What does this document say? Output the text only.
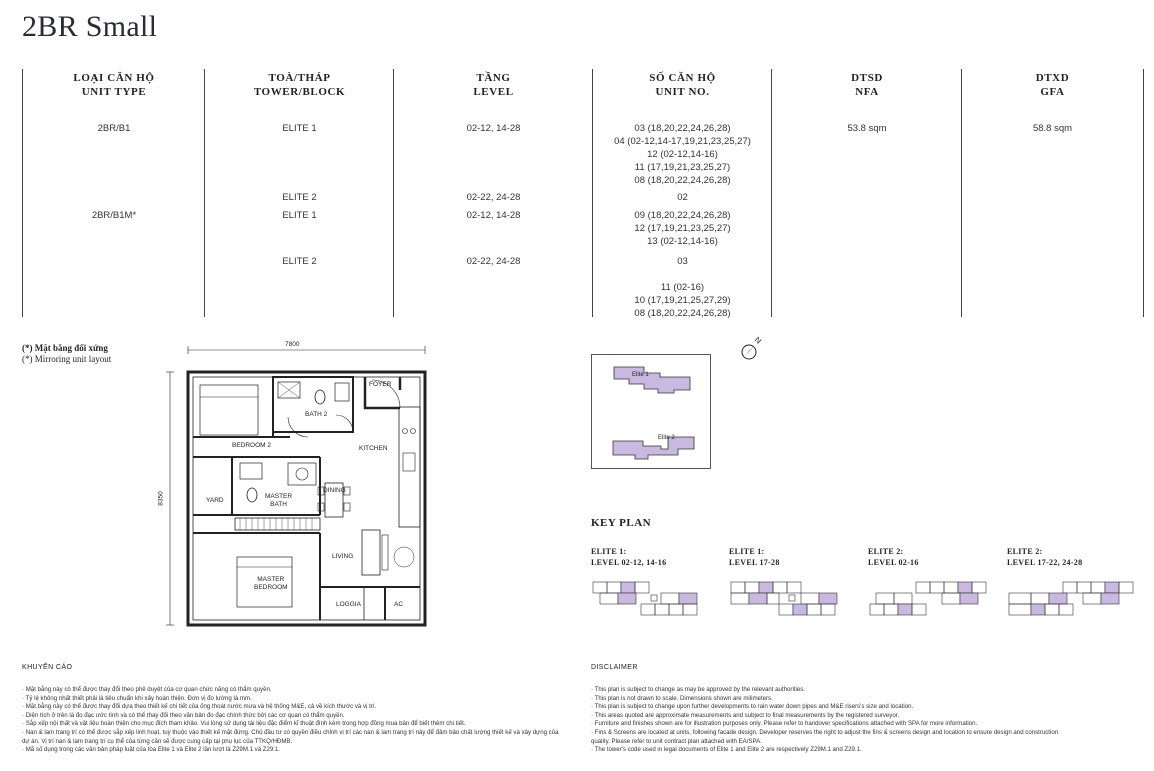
2BR Small
LOẠI CĂN HỘ
UNIT TYPE
2BR/B1
2BR/B1M*
TOÀ/THÁP
TOWER/BLOCK
ELITE 1
ELITE 2
ELITE 1
ELITE 2
TẦNG
LEVEL
02-12, 14-28
02-22, 24-28
02-12, 14-28
02-22, 24-28
SỐ CĂN HỘ
UNIT NO.
03 (18,20,22,24,26,28)
04 (02-12,14-17,19,21,23,25,27)
12 (02-12,14-16)
11 (17,19,21,23,25,27)
08 (18,20,22,24,26,28)
02
09 (18,20,22,24,26,28)
12 (17,19,21,23,25,27)
13 (02-12,14-16)
03
11 (02-16)
10 (17,19,21,25,27,29)
08 (18,20,22,24,26,28)
DTSD
NFA
53.8 sqm
DTXD
GFA
58.8 sqm
(*) Mặt bằng đối xứng
(*) Mirroring unit layout
7800
8350
FOYER
BATH 2
BEDROOM 2	KITCHEN
DINING
YARD
MASTER
BATH
LIVING
MASTER
BEDROOM
LOGGIA	AC
N
Elite 1
Elite 2
KEY PLAN
ELITE 1:
LEVEL 02-12, 14-16
ELITE 1:
LEVEL 17-28
ELITE 2:
LEVEL 02-16
ELITE 2:
LEVEL 17-22, 24-28
KHUYẾN CÁO
· Mặt bằng này có thể được thay đổi theo phê duyệt của cơ quan chức năng có thẩm quyền.
· Tỷ lệ không nhất thiết phải là tiêu chuẩn khi xây hoàn thiện. Đơn vị đo lường là mm.
· Mặt bằng này có thể được thay đổi dựa theo thiết kế chi tiết của ống thoát nước mưa và hệ thống M&E, cả về kích thước và vị trí.
· Diện tích ở trên là đo đạc ước tính và có thể thay đổi theo văn bản đo đạc chính thức bởi các cơ quan có thẩm quyền.
· Sắp xếp nội thất và vật liệu hoàn thiện cho mục đích tham khảo. Vui lòng sử dụng tài liệu đặc điểm kĩ thuật đính kèm trong hợp đồng mua bán để biết thêm chi tiết.
· Nan & lam trang trí có thể được sắp xếp linh hoạt, tuỳ thuộc vào thiết kế mặt đứng. Chủ đầu tư có quyền điều chỉnh vị trí các nan & lam trang trí này để đảm bảo chất lượng thiết kế và xây dựng của dự án. Vị trí nan & lam trang trí cụ thể của từng căn sẽ được cung cấp tại phụ lục của TTKQ/HĐMB.
· Mã số dụng trong các văn bản pháp luật của tòa Elite 1 và Elite 2 lần lượt là Z29M.1 và Z29.1.
DISCLAIMER
· This plan is subject to change as may be approved by the relevant authorities.
· This plan is not drawn to scale. Dimensions shown are milimeters.
· This plan is subject to change upon further developments to rain water down pipes and M&E risers's size and location.
· This areas quoted are approximate measurements and subject to final measurements by the registered surveyor.
· Furniture and finishes shown are for illustration purposes only. Please refer to handover specifications attached with SPA for more information.
· Fins & Screens are located at units, following facade design. Developer reserves the right to adjust the fins & screens design and location to ensure design and construction quality. Please refer to unit contract plan attached with EA/SPA.
· The tower's code used in legal documents of Elite 1 and Elite 2 are respectively Z29M.1 and Z29.1.
